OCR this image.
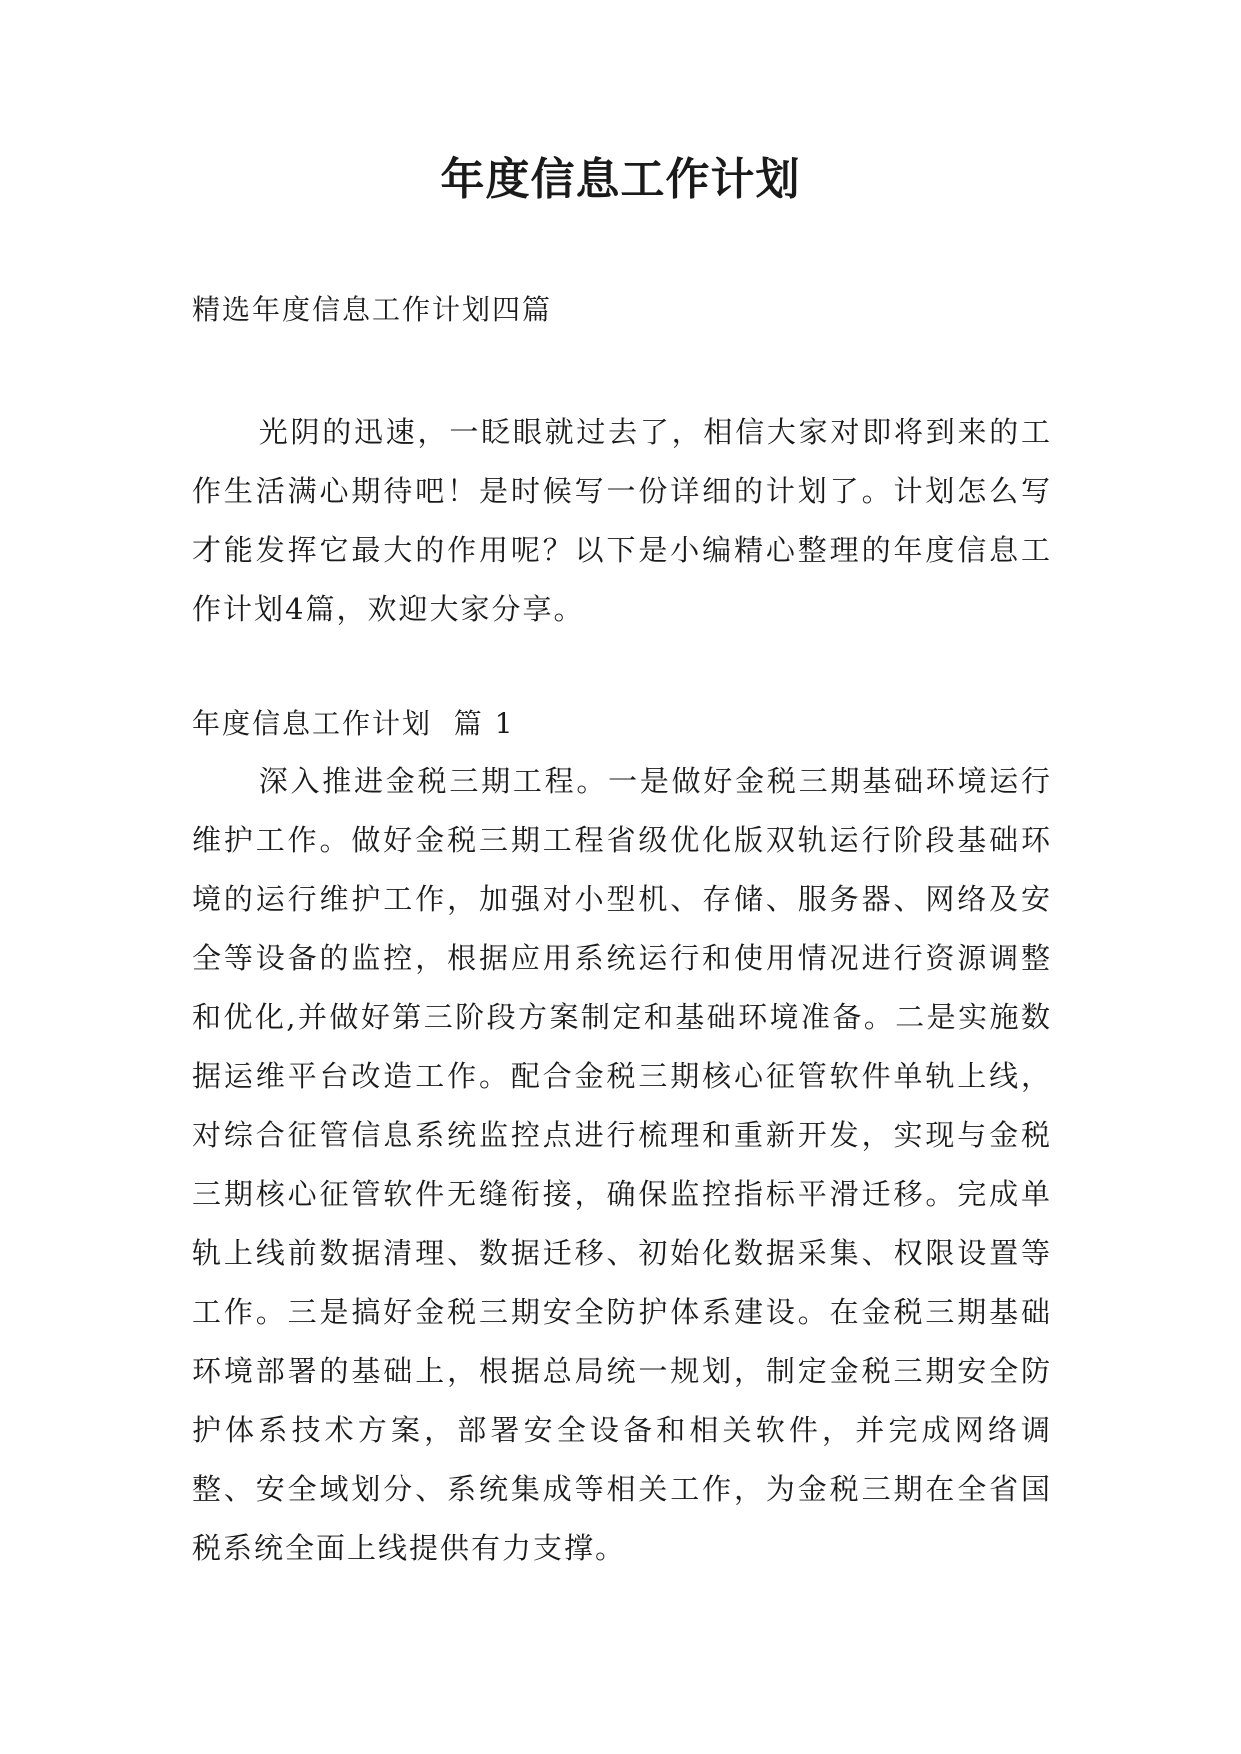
年度信息工作计划

精选年度信息工作计划四篇

光阴的迅速，一眨眼就过去了，相信大家对即将到来的工作生活满心期待吧！是时候写一份详细的计划了。计划怎么写才能发挥它最大的作用呢？以下是小编精心整理的年度信息工作计划4篇，欢迎大家分享。

年度信息工作计划  篇 1

深入推进金税三期工程。一是做好金税三期基础环境运行维护工作。做好金税三期工程省级优化版双轨运行阶段基础环境的运行维护工作，加强对小型机、存储、服务器、网络及安全等设备的监控，根据应用系统运行和使用情况进行资源调整和优化,并做好第三阶段方案制定和基础环境准备。二是实施数据运维平台改造工作。配合金税三期核心征管软件单轨上线，对综合征管信息系统监控点进行梳理和重新开发，实现与金税三期核心征管软件无缝衔接，确保监控指标平滑迁移。完成单轨上线前数据清理、数据迁移、初始化数据采集、权限设置等工作。三是搞好金税三期安全防护体系建设。在金税三期基础环境部署的基础上，根据总局统一规划，制定金税三期安全防护体系技术方案，部署安全设备和相关软件，并完成网络调整、安全域划分、系统集成等相关工作，为金税三期在全省国税系统全面上线提供有力支撑。
